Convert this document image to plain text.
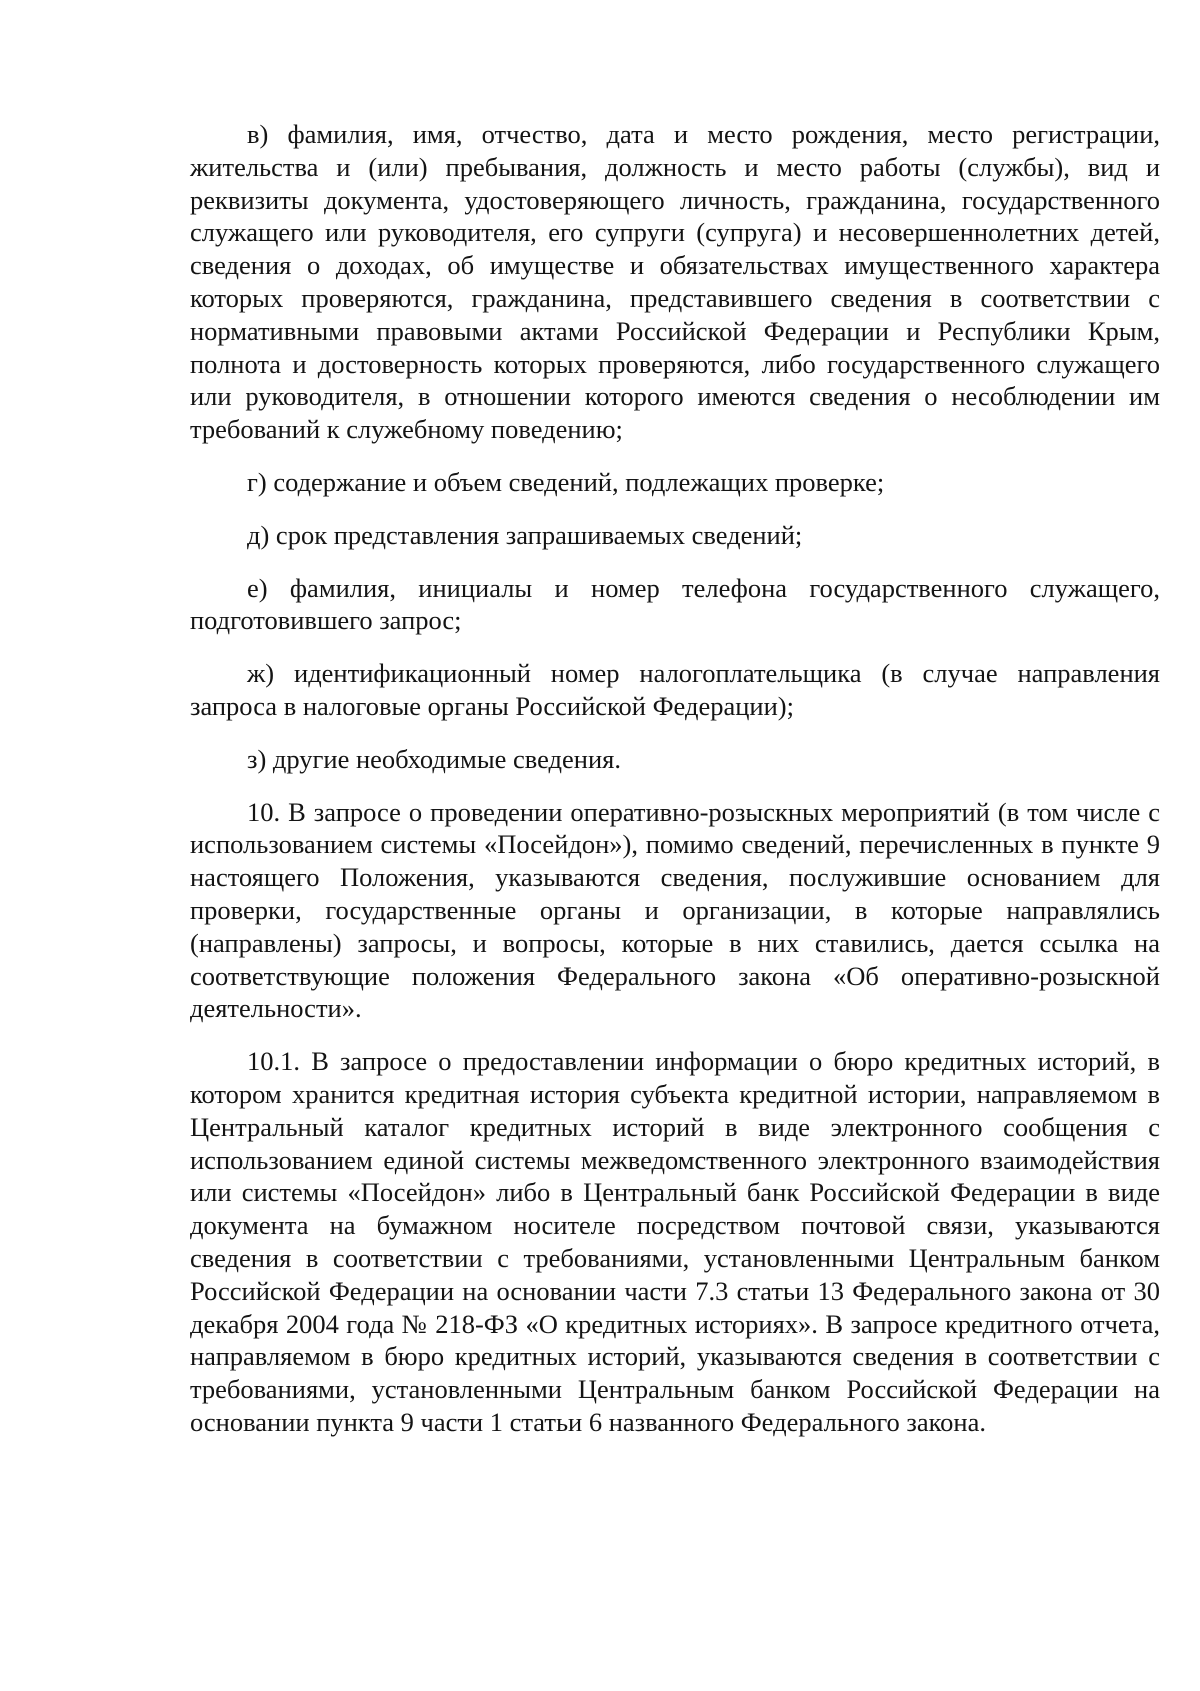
в) фамилия, имя, отчество, дата и место рождения, место регистрации, жительства и (или) пребывания, должность и место работы (службы), вид и реквизиты документа, удостоверяющего личность, гражданина, государственного служащего или руководителя, его супруги (супруга) и несовершеннолетних детей, сведения о доходах, об имуществе и обязательствах имущественного характера которых проверяются, гражданина, представившего сведения в соответствии с нормативными правовыми актами Российской Федерации и Республики Крым, полнота и достоверность которых проверяются, либо государственного служащего или руководителя, в отношении которого имеются сведения о несоблюдении им требований к служебному поведению;

г) содержание и объем сведений, подлежащих проверке;

д) срок представления запрашиваемых сведений;

е) фамилия, инициалы и номер телефона государственного служащего, подготовившего запрос;

ж) идентификационный номер налогоплательщика (в случае направления запроса в налоговые органы Российской Федерации);

з) другие необходимые сведения.

10. В запросе о проведении оперативно-розыскных мероприятий (в том числе с использованием системы «Посейдон»), помимо сведений, перечисленных в пункте 9 настоящего Положения, указываются сведения, послужившие основанием для проверки, государственные органы и организации, в которые направлялись (направлены) запросы, и вопросы, которые в них ставились, дается ссылка на соответствующие положения Федерального закона «Об оперативно-розыскной деятельности».

10.1. В запросе о предоставлении информации о бюро кредитных историй, в котором хранится кредитная история субъекта кредитной истории, направляемом в Центральный каталог кредитных историй в виде электронного сообщения с использованием единой системы межведомственного электронного взаимодействия или системы «Посейдон» либо в Центральный банк Российской Федерации в виде документа на бумажном носителе посредством почтовой связи, указываются сведения в соответствии с требованиями, установленными Центральным банком Российской Федерации на основании части 7.3 статьи 13 Федерального закона от 30 декабря 2004 года № 218-ФЗ «О кредитных историях». В запросе кредитного отчета, направляемом в бюро кредитных историй, указываются сведения в соответствии с требованиями, установленными Центральным банком Российской Федерации на основании пункта 9 части 1 статьи 6 названного Федерального закона.
